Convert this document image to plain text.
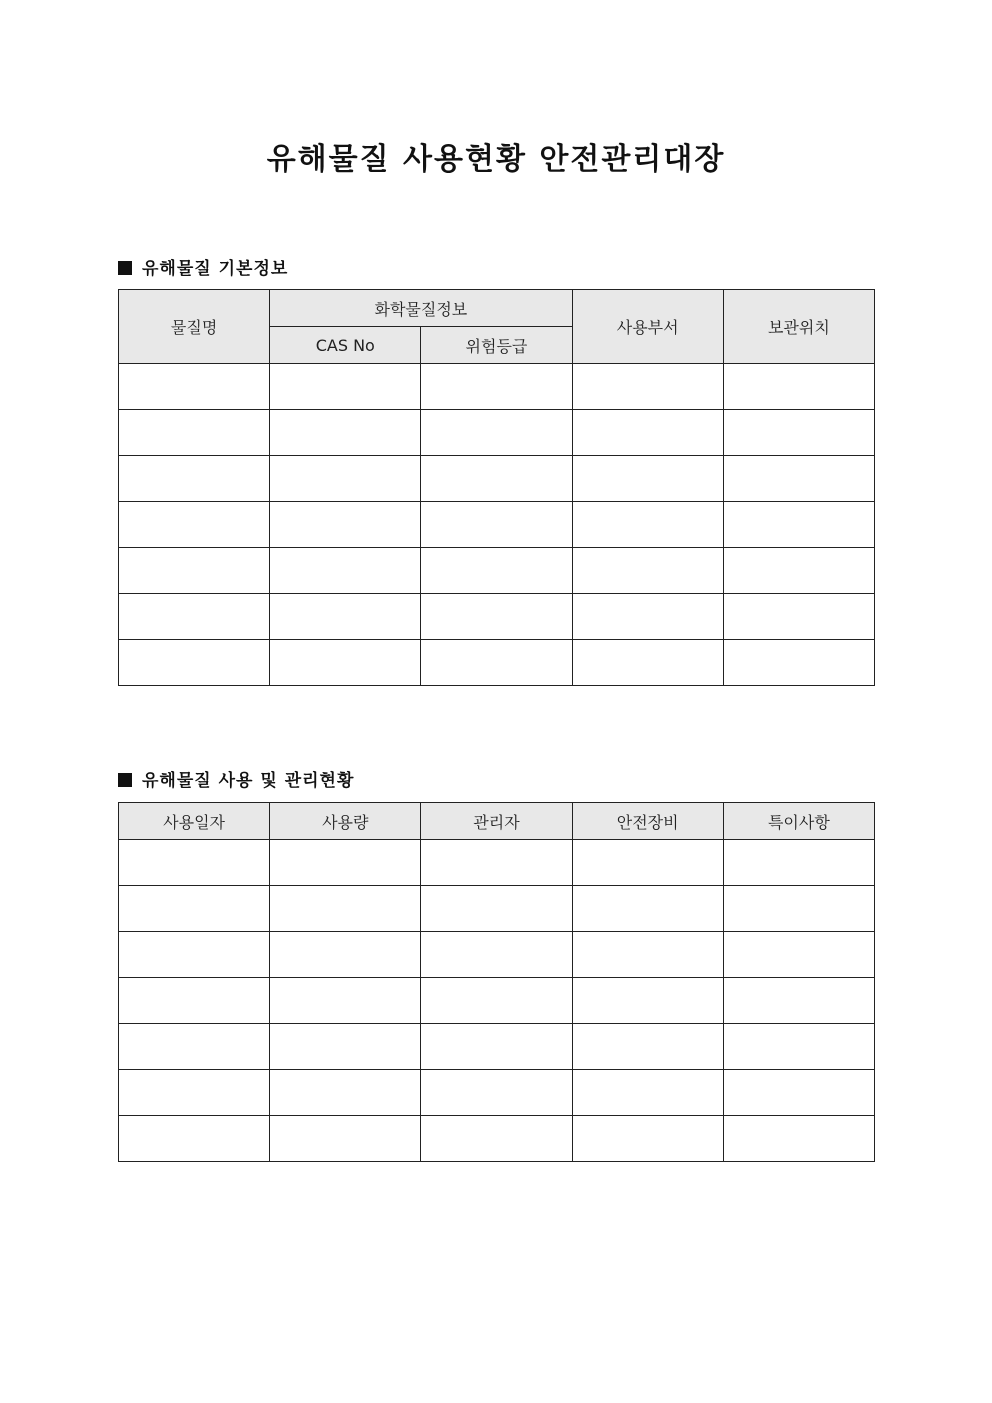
유해물질 사용현황 안전관리대장
유해물질 기본정보
물질명	화학물질정보		사용부서	보관위치
	CAS No	위험등급		

유해물질 사용 및 관리현황
사용일자	사용량	관리자	안전장비	특이사항
